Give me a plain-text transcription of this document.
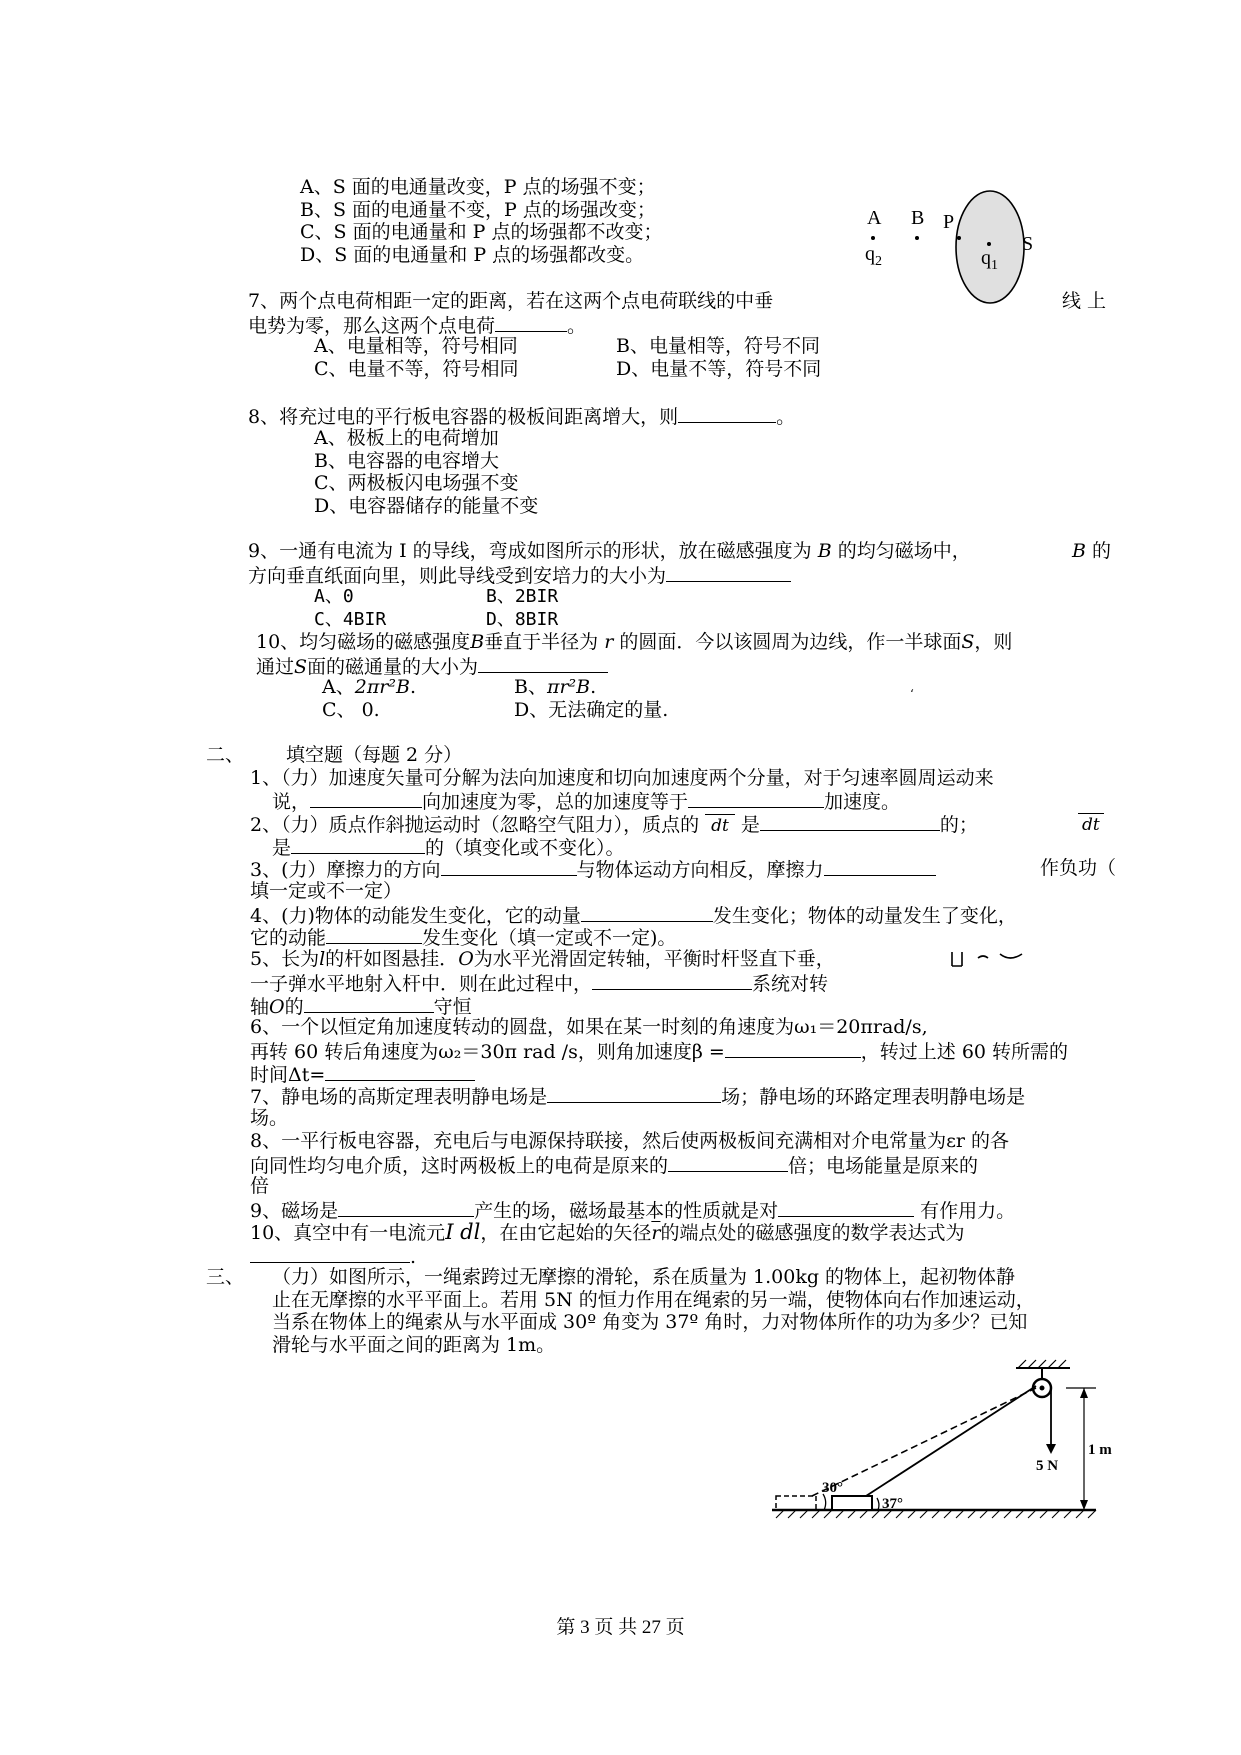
A、S 面的电通量改变，P 点的场强不变；
B、S 面的电通量不变，P 点的场强改变；
C、S 面的电通量和 P 点的场强都不改变；
D、S 面的电通量和 P 点的场强都改变。
A
$q_2$
B P
$q_1$
S
7、两个点电荷相距一定的距离，若在这两个点电荷联线的中垂	线 上
电势为零，那么这两个点电荷	。
A、电量相等，符号相同	B、电量相等，符号不同
C、电量不等，符号相同	D、电量不等，符号不同
8、将充过电的平行板电容器的极板间距离增大，则	。
A、极板上的电荷增加
B、电容器的电容增大
C、两极板闪电场强不变
D、电容器储存的能量不变
9、一通有电流为 I 的导线，弯成如图所示的形状，放在磁感强度为 B 的均匀磁场中，	B 的
方向垂直纸面向里，则此导线受到安培力的大小为
A、0	B、2BIR
C、4BIR	D、8BIR
10、均匀磁场的磁感强度B垂直于半径为 r 的圆面．今以该圆周为边线，作一半球面S，则
通过S面的磁通量的大小为
A、2πr²B.	B、πr²B.
C、 0.	D、无法确定的量.
ʻ
二、 填空题（每题 2 分）
1、（力）加速度矢量可分解为法向加速度和切向加速度两个分量，对于匀速率圆周运动来
说，	向加速度为零，总的加速度等于	加速度。
2、（力）质点作斜抛运动时（忽略空气阻力），质点的 dt 是	的；	dt
是	的（填变化或不变化）。
3、(力）摩擦力的方向	与物体运动方向相反，摩擦力	作负功（
填一定或不一定）
4、(力)物体的动能发生变化，它的动量	发生变化；物体的动量发生了变化，
它的动能	发生变化（填一定或不一定)。
5、长为l的杆如图悬挂．O为水平光滑固定转轴，平衡时杆竖直下垂，
一子弹水平地射入杆中．则在此过程中，	系统对转
轴O的	守恒
6、一个以恒定角加速度转动的圆盘，如果在某一时刻的角速度为ω₁＝20πrad/s,
再转 60 转后角速度为ω₂＝30π rad /s，则角加速度β =	，转过上述 60 转所需的
时间Δt=
7、静电场的高斯定理表明静电场是	场；静电场的环路定理表明静电场是
场。
8、一平行板电容器，充电后与电源保持联接，然后使两极板间充满相对介电常量为εr 的各
向同性均匀电介质，这时两极板上的电荷是原来的	倍；电场能量是原来的
倍
9、磁场是	产生的场，磁场最基本的性质就是对	有作用力。
10、真空中有一电流元I dl，在由它起始的矢径$\overline{r}$的端点处的磁感强度的数学表达式为
.
三、 （力）如图所示，一绳索跨过无摩擦的滑轮，系在质量为 1.00kg 的物体上，起初物体静
止在无摩擦的水平平面上。若用 5N 的恒力作用在绳索的另一端，使物体向右作加速运动，
当系在物体上的绳索从与水平面成 30º 角变为 37º 角时，力对物体所作的功为多少？已知
滑轮与水平面之间的距离为 1m。
5 N
1 m
30°
37°
第 3 页 共 27 页
